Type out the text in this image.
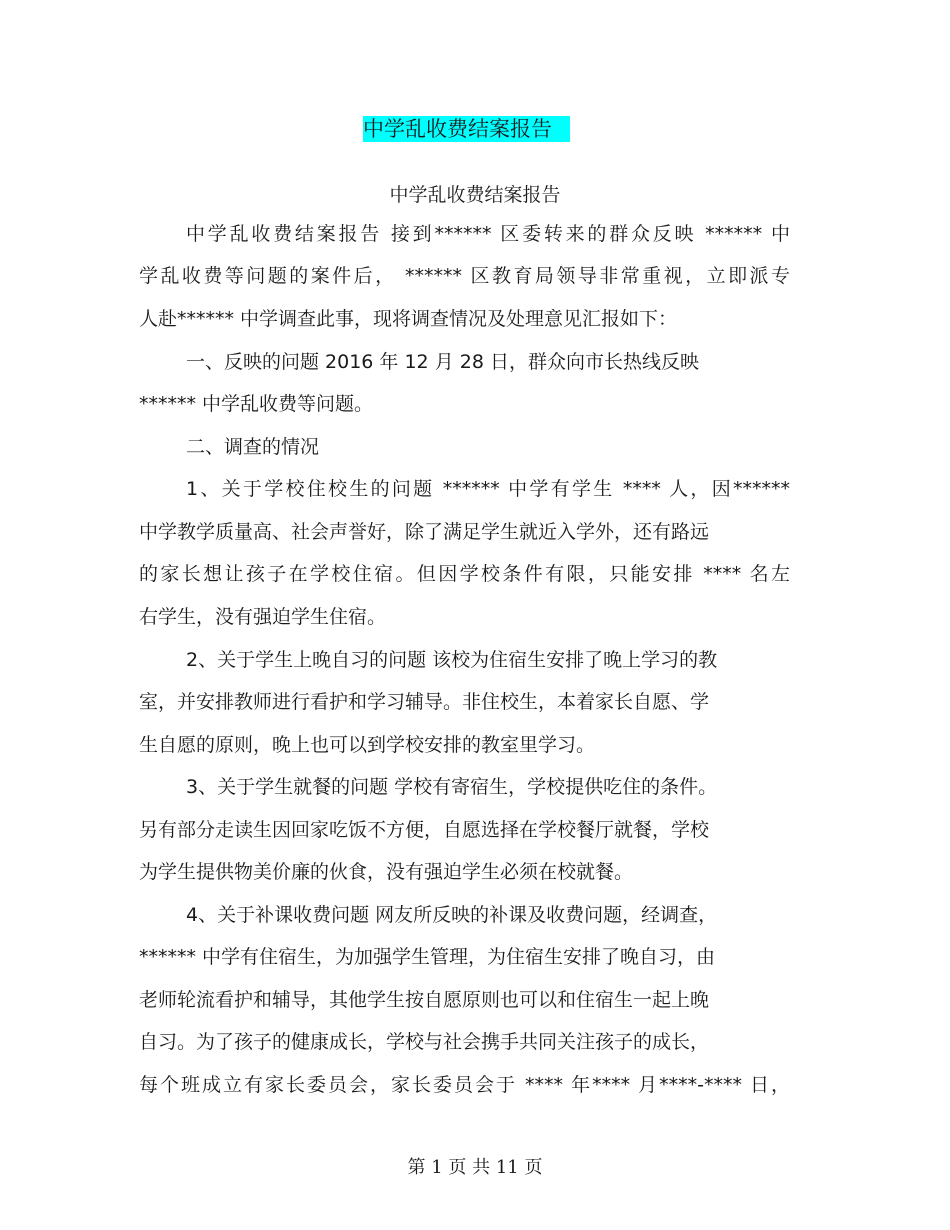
中学乱收费结案报告
中学乱收费结案报告
中学乱收费结案报告 接到****** 区委转来的群众反映 ****** 中
学乱收费等问题的案件后， ****** 区教育局领导非常重视，立即派专
人赴****** 中学调查此事，现将调查情况及处理意见汇报如下：
一、反映的问题 2016 年 12 月 28 日，群众向市长热线反映
****** 中学乱收费等问题。
二、调查的情况
1、关于学校住校生的问题 ****** 中学有学生 **** 人，因******
中学教学质量高、社会声誉好，除了满足学生就近入学外，还有路远
的家长想让孩子在学校住宿。但因学校条件有限，只能安排 **** 名左
右学生，没有强迫学生住宿。
2、关于学生上晚自习的问题 该校为住宿生安排了晚上学习的教
室，并安排教师进行看护和学习辅导。非住校生，本着家长自愿、学
生自愿的原则，晚上也可以到学校安排的教室里学习。
3、关于学生就餐的问题 学校有寄宿生，学校提供吃住的条件。
另有部分走读生因回家吃饭不方便，自愿选择在学校餐厅就餐，学校
为学生提供物美价廉的伙食，没有强迫学生必须在校就餐。
4、关于补课收费问题 网友所反映的补课及收费问题，经调查，
****** 中学有住宿生，为加强学生管理，为住宿生安排了晚自习，由
老师轮流看护和辅导，其他学生按自愿原则也可以和住宿生一起上晚
自习。为了孩子的健康成长，学校与社会携手共同关注孩子的成长，
每个班成立有家长委员会，家长委员会于 **** 年**** 月****-**** 日，
第 1 页 共 11 页
